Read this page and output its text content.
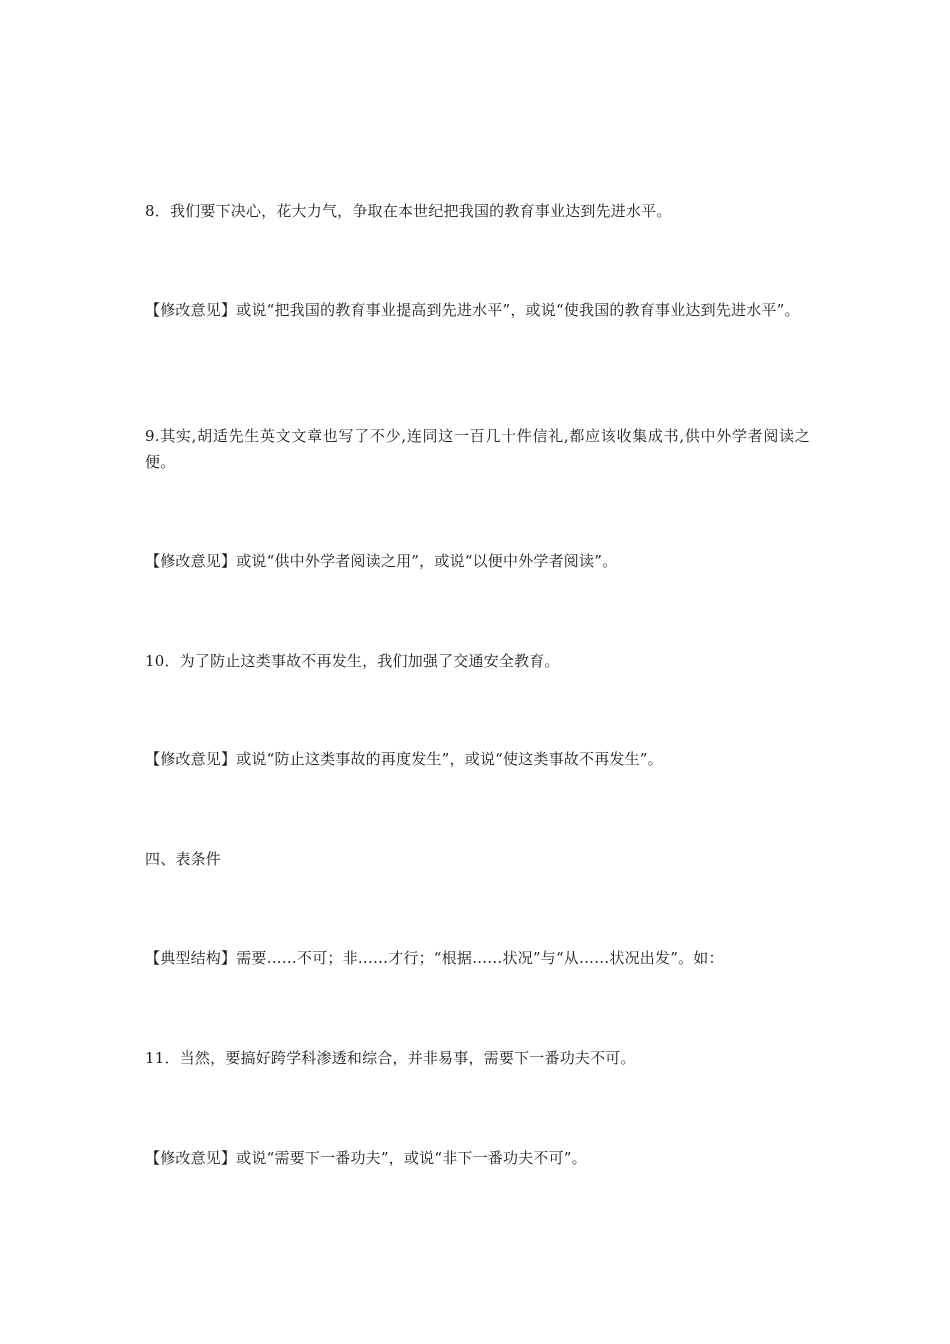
8．我们要下决心，花大力气，争取在本世纪把我国的教育事业达到先进水平。

【修改意见】或说“把我国的教育事业提高到先进水平”，或说“使我国的教育事业达到先进水平”。

9.其实,胡适先生英文文章也写了不少,连同这一百几十件信礼,都应该收集成书,供中外学者阅读之便。

【修改意见】或说“供中外学者阅读之用”，或说“以便中外学者阅读”。

10．为了防止这类事故不再发生，我们加强了交通安全教育。

【修改意见】或说“防止这类事故的再度发生”，或说“使这类事故不再发生”。

四、表条件

【典型结构】需要……不可；非……才行；“根据……状况”与“从……状况出发”。如：

11．当然，要搞好跨学科渗透和综合，并非易事，需要下一番功夫不可。

【修改意见】或说“需要下一番功夫”，或说“非下一番功夫不可”。
